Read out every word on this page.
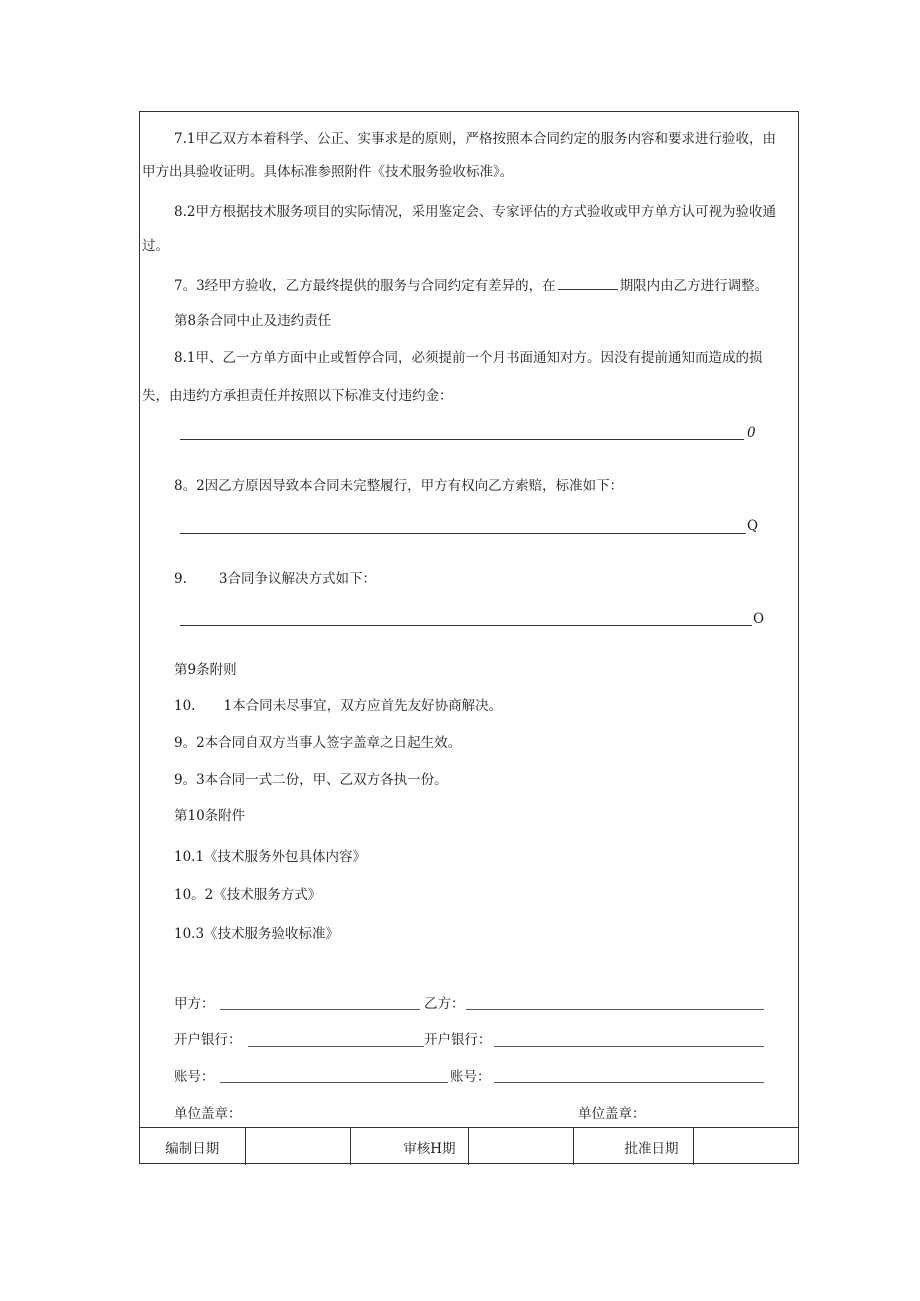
7.1甲乙双方本着科学、公正、实事求是的原则，严格按照本合同约定的服务内容和要求进行验收，由
甲方出具验收证明。具体标准参照附件《技术服务验收标准》。
8.2甲方根据技术服务项目的实际情况，采用鉴定会、专家评估的方式验收或甲方单方认可视为验收通
过。
7。3经甲方验收，乙方最终提供的服务与合同约定有差异的，在	期限内由乙方进行调整。
第8条合同中止及违约责任
8.1甲、乙一方单方面中止或暂停合同，必须提前一个月书面通知对方。因没有提前通知而造成的损
失，由违约方承担责任并按照以下标准支付违约金：
0
8。2因乙方原因导致本合同未完整履行，甲方有权向乙方索赔，标准如下：
Q
9. 3合同争议解决方式如下：
O
第9条附则
10. 1本合同未尽事宜，双方应首先友好协商解决。
9。2本合同自双方当事人签字盖章之日起生效。
9。3本合同一式二份，甲、乙双方各执一份。
第10条附件
10.1《技术服务外包具体内容》
10。2《技术服务方式》
10.3《技术服务验收标准》
甲方：	乙方：
开户银行：	开户银行：
账号：	账号：
单位盖章：	单位盖章：
编制日期	审核H期	批准日期
